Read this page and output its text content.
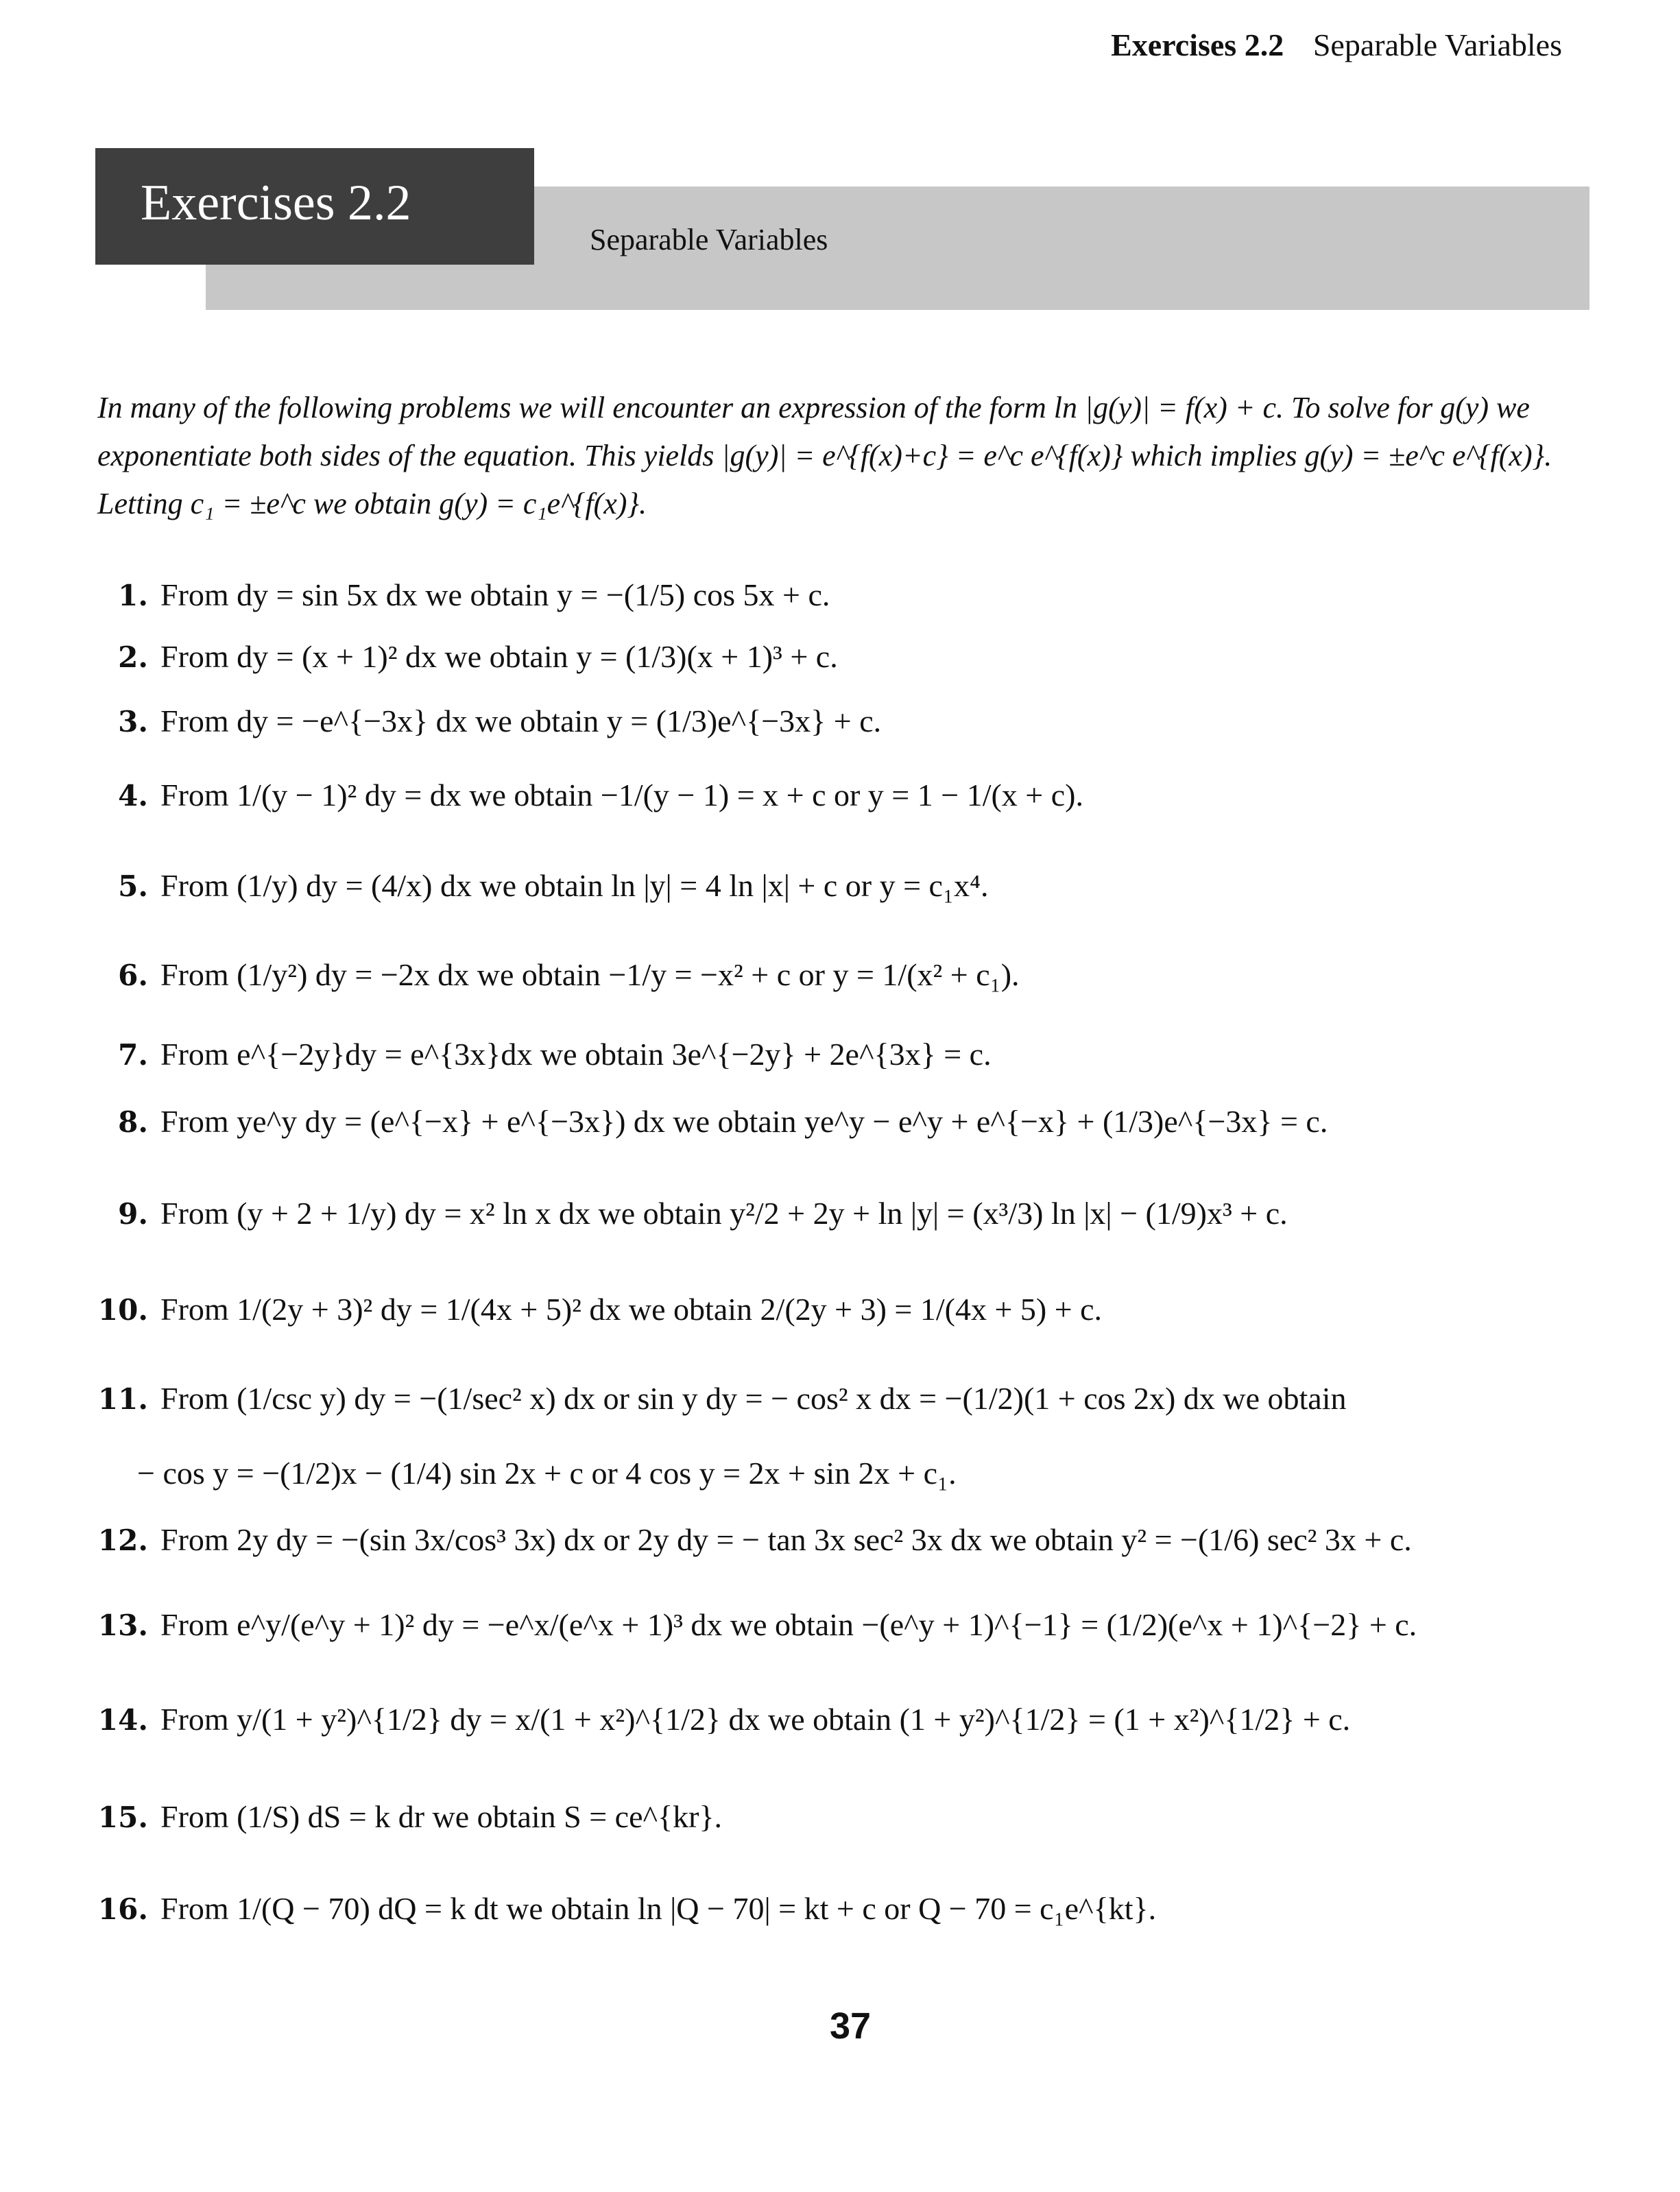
Exercises 2.2 Separable Variables
Separable Variables
Exercises 2.2
In many of the following problems we will encounter an expression of the form ln |g(y)| = f(x) + c. To solve for g(y) we exponentiate both sides of the equation. This yields |g(y)| = e^{f(x)+c} = e^c e^{f(x)} which implies g(y) = ±e^c e^{f(x)}. Letting c₁ = ±e^c we obtain g(y) = c₁e^{f(x)}.
1. From dy = sin 5x dx we obtain y = −(1/5) cos 5x + c.
2. From dy = (x + 1)² dx we obtain y = (1/3)(x + 1)³ + c.
3. From dy = −e^{−3x} dx we obtain y = (1/3)e^{−3x} + c.
4. From 1/(y − 1)² dy = dx we obtain −1/(y − 1) = x + c or y = 1 − 1/(x + c).
5. From (1/y) dy = (4/x) dx we obtain ln |y| = 4 ln |x| + c or y = c₁x⁴.
6. From (1/y²) dy = −2x dx we obtain −1/y = −x² + c or y = 1/(x² + c₁).
7. From e^{−2y}dy = e^{3x}dx we obtain 3e^{−2y} + 2e^{3x} = c.
8. From ye^y dy = (e^{−x} + e^{−3x}) dx we obtain ye^y − e^y + e^{−x} + (1/3)e^{−3x} = c.
9. From (y + 2 + 1/y) dy = x² ln x dx we obtain y²/2 + 2y + ln |y| = (x³/3) ln |x| − (1/9)x³ + c.
10. From 1/(2y + 3)² dy = 1/(4x + 5)² dx we obtain 2/(2y + 3) = 1/(4x + 5) + c.
11. From (1/csc y) dy = −(1/sec² x) dx or sin y dy = − cos² x dx = −(1/2)(1 + cos 2x) dx we obtain
− cos y = −(1/2)x − (1/4) sin 2x + c or 4 cos y = 2x + sin 2x + c₁.
12. From 2y dy = −(sin 3x/cos³ 3x) dx or 2y dy = − tan 3x sec² 3x dx we obtain y² = −(1/6) sec² 3x + c.
13. From e^y/(e^y + 1)² dy = −e^x/(e^x + 1)³ dx we obtain −(e^y + 1)^{−1} = (1/2)(e^x + 1)^{−2} + c.
14. From y/(1 + y²)^{1/2} dy = x/(1 + x²)^{1/2} dx we obtain (1 + y²)^{1/2} = (1 + x²)^{1/2} + c.
15. From (1/S) dS = k dr we obtain S = ce^{kr}.
16. From 1/(Q − 70) dQ = k dt we obtain ln |Q − 70| = kt + c or Q − 70 = c₁e^{kt}.
37
